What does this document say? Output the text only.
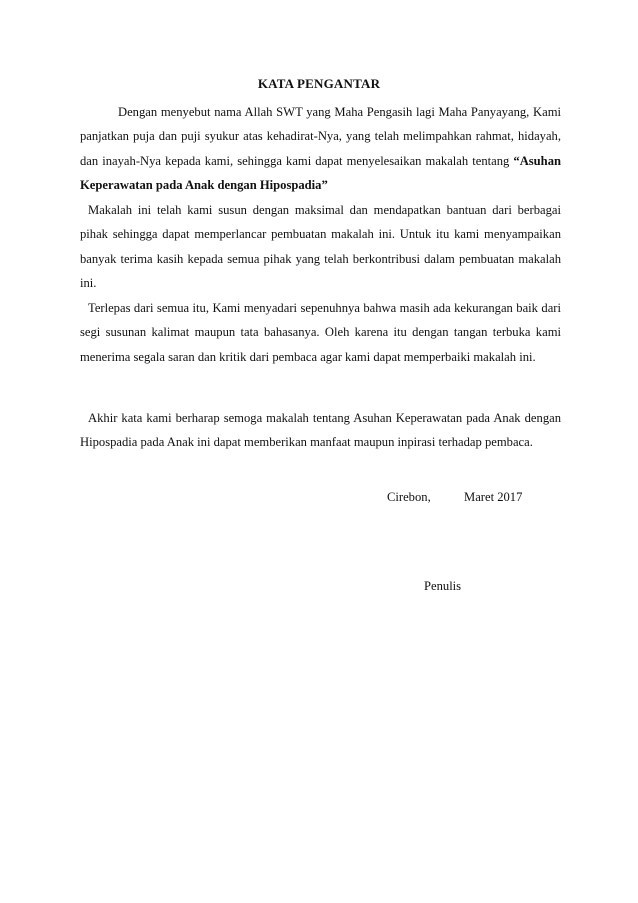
KATA PENGANTAR

Dengan menyebut nama Allah SWT yang Maha Pengasih lagi Maha Panyayang, Kami panjatkan puja dan puji syukur atas kehadirat-Nya, yang telah melimpahkan rahmat, hidayah, dan inayah-Nya kepada kami, sehingga kami dapat menyelesaikan makalah tentang “Asuhan Keperawatan pada Anak dengan Hipospadia”

Makalah ini telah kami susun dengan maksimal dan mendapatkan bantuan dari berbagai pihak sehingga dapat memperlancar pembuatan makalah ini. Untuk itu kami menyampaikan banyak terima kasih kepada semua pihak yang telah berkontribusi dalam pembuatan makalah ini.

Terlepas dari semua itu, Kami menyadari sepenuhnya bahwa masih ada kekurangan baik dari segi susunan kalimat maupun tata bahasanya. Oleh karena itu dengan tangan terbuka kami menerima segala saran dan kritik dari pembaca agar kami dapat memperbaiki makalah ini.

Akhir kata kami berharap semoga makalah tentang Asuhan Keperawatan pada Anak dengan Hipospadia pada Anak ini dapat memberikan manfaat maupun inpirasi terhadap pembaca.

Cirebon,	Maret 2017
Penulis
